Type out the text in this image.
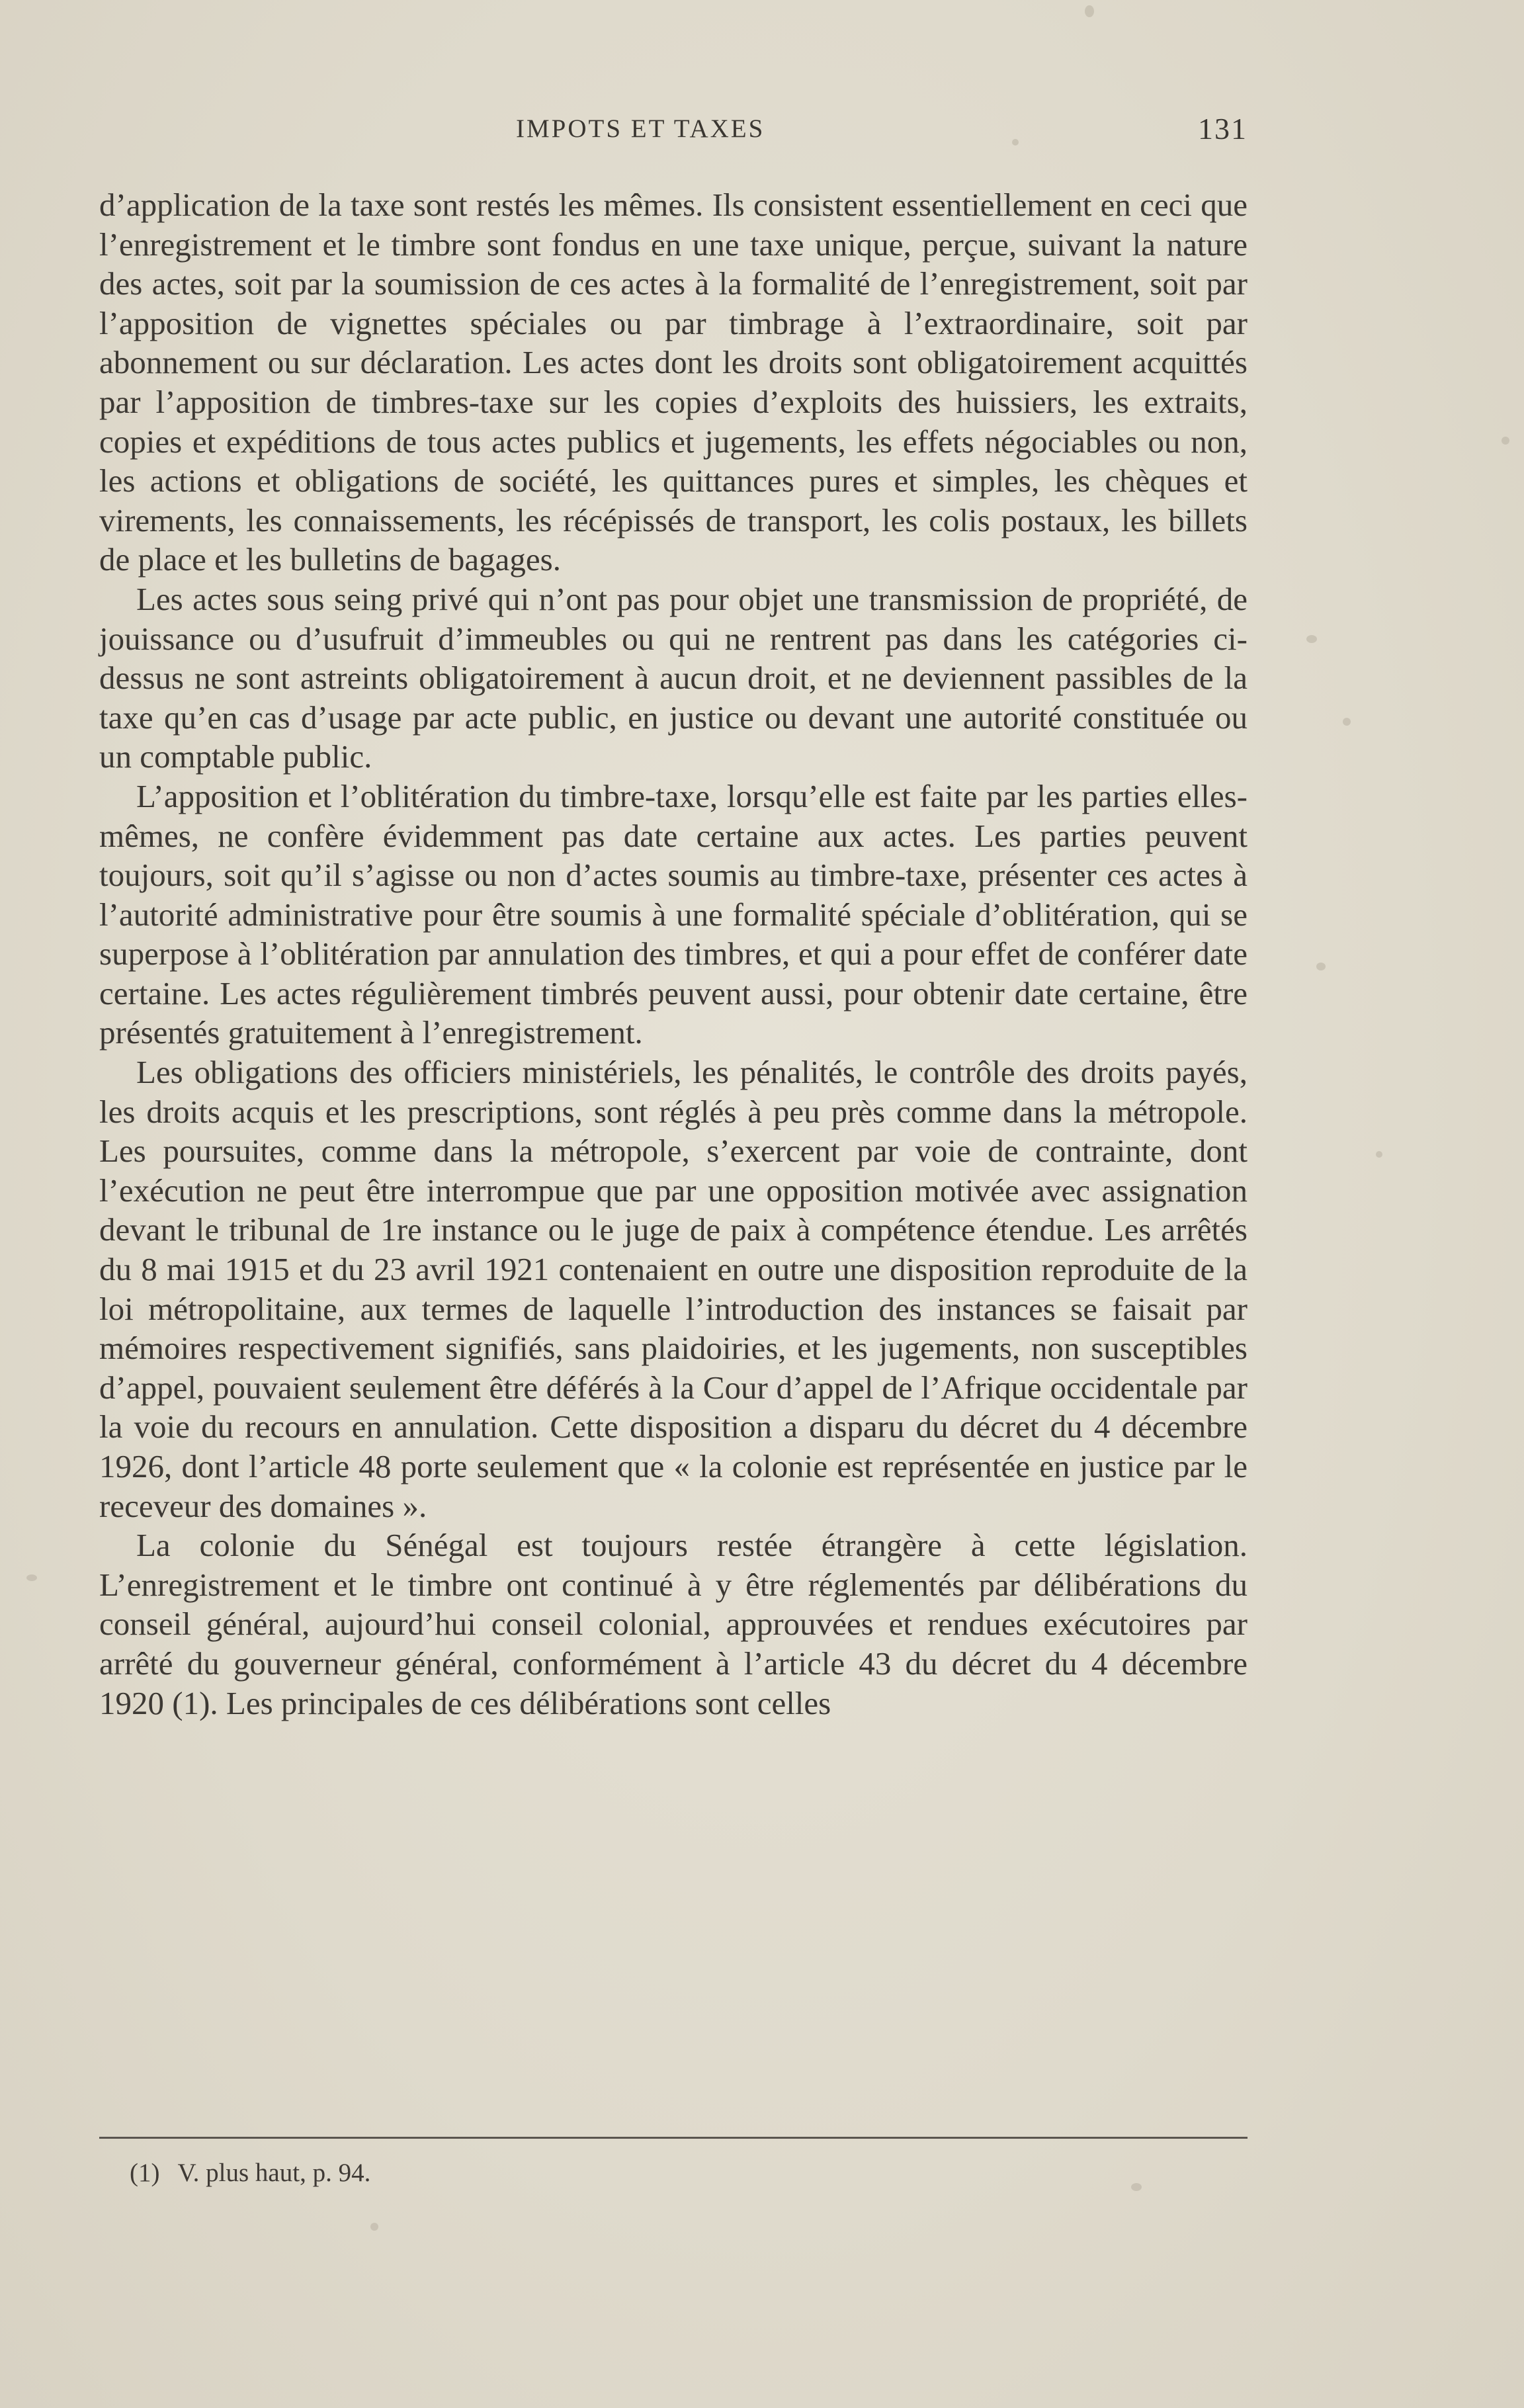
IMPOTS ET TAXES	131

d’application de la taxe sont restés les mêmes. Ils consistent essentiellement en ceci que l’enregistrement et le timbre sont fondus en une taxe unique, perçue, suivant la nature des actes, soit par la soumission de ces actes à la formalité de l’enregistrement, soit par l’apposition de vignettes spéciales ou par timbrage à l’extraordinaire, soit par abonnement ou sur déclaration. Les actes dont les droits sont obligatoirement acquittés par l’apposition de timbres-taxe sur les copies d’exploits des huissiers, les extraits, copies et expéditions de tous actes publics et jugements, les effets négociables ou non, les actions et obligations de société, les quittances pures et simples, les chèques et virements, les connaissements, les récépissés de transport, les colis postaux, les billets de place et les bulletins de bagages.

Les actes sous seing privé qui n’ont pas pour objet une transmission de propriété, de jouissance ou d’usufruit d’immeubles ou qui ne rentrent pas dans les catégories ci-dessus ne sont astreints obligatoirement à aucun droit, et ne deviennent passibles de la taxe qu’en cas d’usage par acte public, en justice ou devant une autorité constituée ou un comptable public.

L’apposition et l’oblitération du timbre-taxe, lorsqu’elle est faite par les parties elles-mêmes, ne confère évidemment pas date certaine aux actes. Les parties peuvent toujours, soit qu’il s’agisse ou non d’actes soumis au timbre-taxe, présenter ces actes à l’autorité administrative pour être soumis à une formalité spéciale d’oblitération, qui se superpose à l’oblitération par annulation des timbres, et qui a pour effet de conférer date certaine. Les actes régulièrement timbrés peuvent aussi, pour obtenir date certaine, être présentés gratuitement à l’enregistrement.

Les obligations des officiers ministériels, les pénalités, le contrôle des droits payés, les droits acquis et les prescriptions, sont réglés à peu près comme dans la métropole. Les poursuites, comme dans la métropole, s’exercent par voie de contrainte, dont l’exécution ne peut être interrompue que par une opposition motivée avec assignation devant le tribunal de 1re instance ou le juge de paix à compétence étendue. Les arrêtés du 8 mai 1915 et du 23 avril 1921 contenaient en outre une disposition reproduite de la loi métropolitaine, aux termes de laquelle l’introduction des instances se faisait par mémoires respectivement signifiés, sans plaidoiries, et les jugements, non susceptibles d’appel, pouvaient seulement être déférés à la Cour d’appel de l’Afrique occidentale par la voie du recours en annulation. Cette disposition a disparu du décret du 4 décembre 1926, dont l’article 48 porte seulement que « la colonie est représentée en justice par le receveur des domaines ».

La colonie du Sénégal est toujours restée étrangère à cette législation. L’enregistrement et le timbre ont continué à y être réglementés par délibérations du conseil général, aujourd’hui conseil colonial, approuvées et rendues exécutoires par arrêté du gouverneur général, conformément à l’article 43 du décret du 4 décembre 1920 (1). Les principales de ces délibérations sont celles

(1) V. plus haut, p. 94.
